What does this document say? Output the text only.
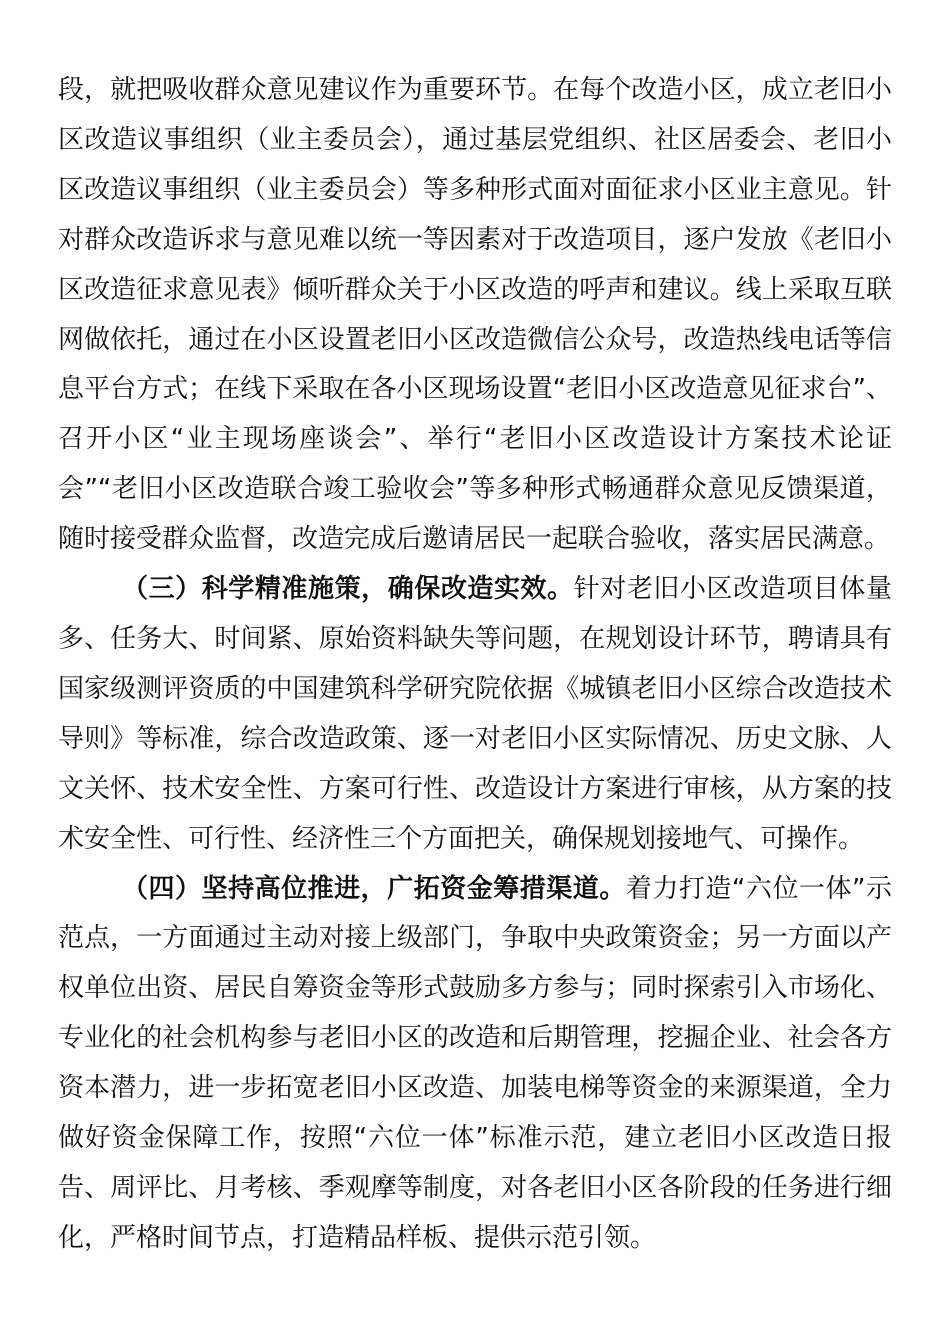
段，就把吸收群众意见建议作为重要环节。在每个改造小区，成立老旧小区改造议事组织（业主委员会），通过基层党组织、社区居委会、老旧小区改造议事组织（业主委员会）等多种形式面对面征求小区业主意见。针对群众改造诉求与意见难以统一等因素对于改造项目，逐户发放《老旧小区改造征求意见表》倾听群众关于小区改造的呼声和建议。线上采取互联网做依托，通过在小区设置老旧小区改造微信公众号，改造热线电话等信息平台方式；在线下采取在各小区现场设置“老旧小区改造意见征求台”、召开小区“业主现场座谈会”、举行“老旧小区改造设计方案技术论证会”“老旧小区改造联合竣工验收会”等多种形式畅通群众意见反馈渠道，随时接受群众监督，改造完成后邀请居民一起联合验收，落实居民满意。

（三）科学精准施策，确保改造实效。针对老旧小区改造项目体量多、任务大、时间紧、原始资料缺失等问题，在规划设计环节，聘请具有国家级测评资质的中国建筑科学研究院依据《城镇老旧小区综合改造技术导则》等标准，综合改造政策、逐一对老旧小区实际情况、历史文脉、人文关怀、技术安全性、方案可行性、改造设计方案进行审核，从方案的技术安全性、可行性、经济性三个方面把关，确保规划接地气、可操作。

（四）坚持高位推进，广拓资金筹措渠道。着力打造“六位一体”示范点，一方面通过主动对接上级部门，争取中央政策资金；另一方面以产权单位出资、居民自筹资金等形式鼓励多方参与；同时探索引入市场化、专业化的社会机构参与老旧小区的改造和后期管理，挖掘企业、社会各方资本潜力，进一步拓宽老旧小区改造、加装电梯等资金的来源渠道，全力做好资金保障工作，按照“六位一体”标准示范，建立老旧小区改造日报告、周评比、月考核、季观摩等制度，对各老旧小区各阶段的任务进行细化，严格时间节点，打造精品样板、提供示范引领。
